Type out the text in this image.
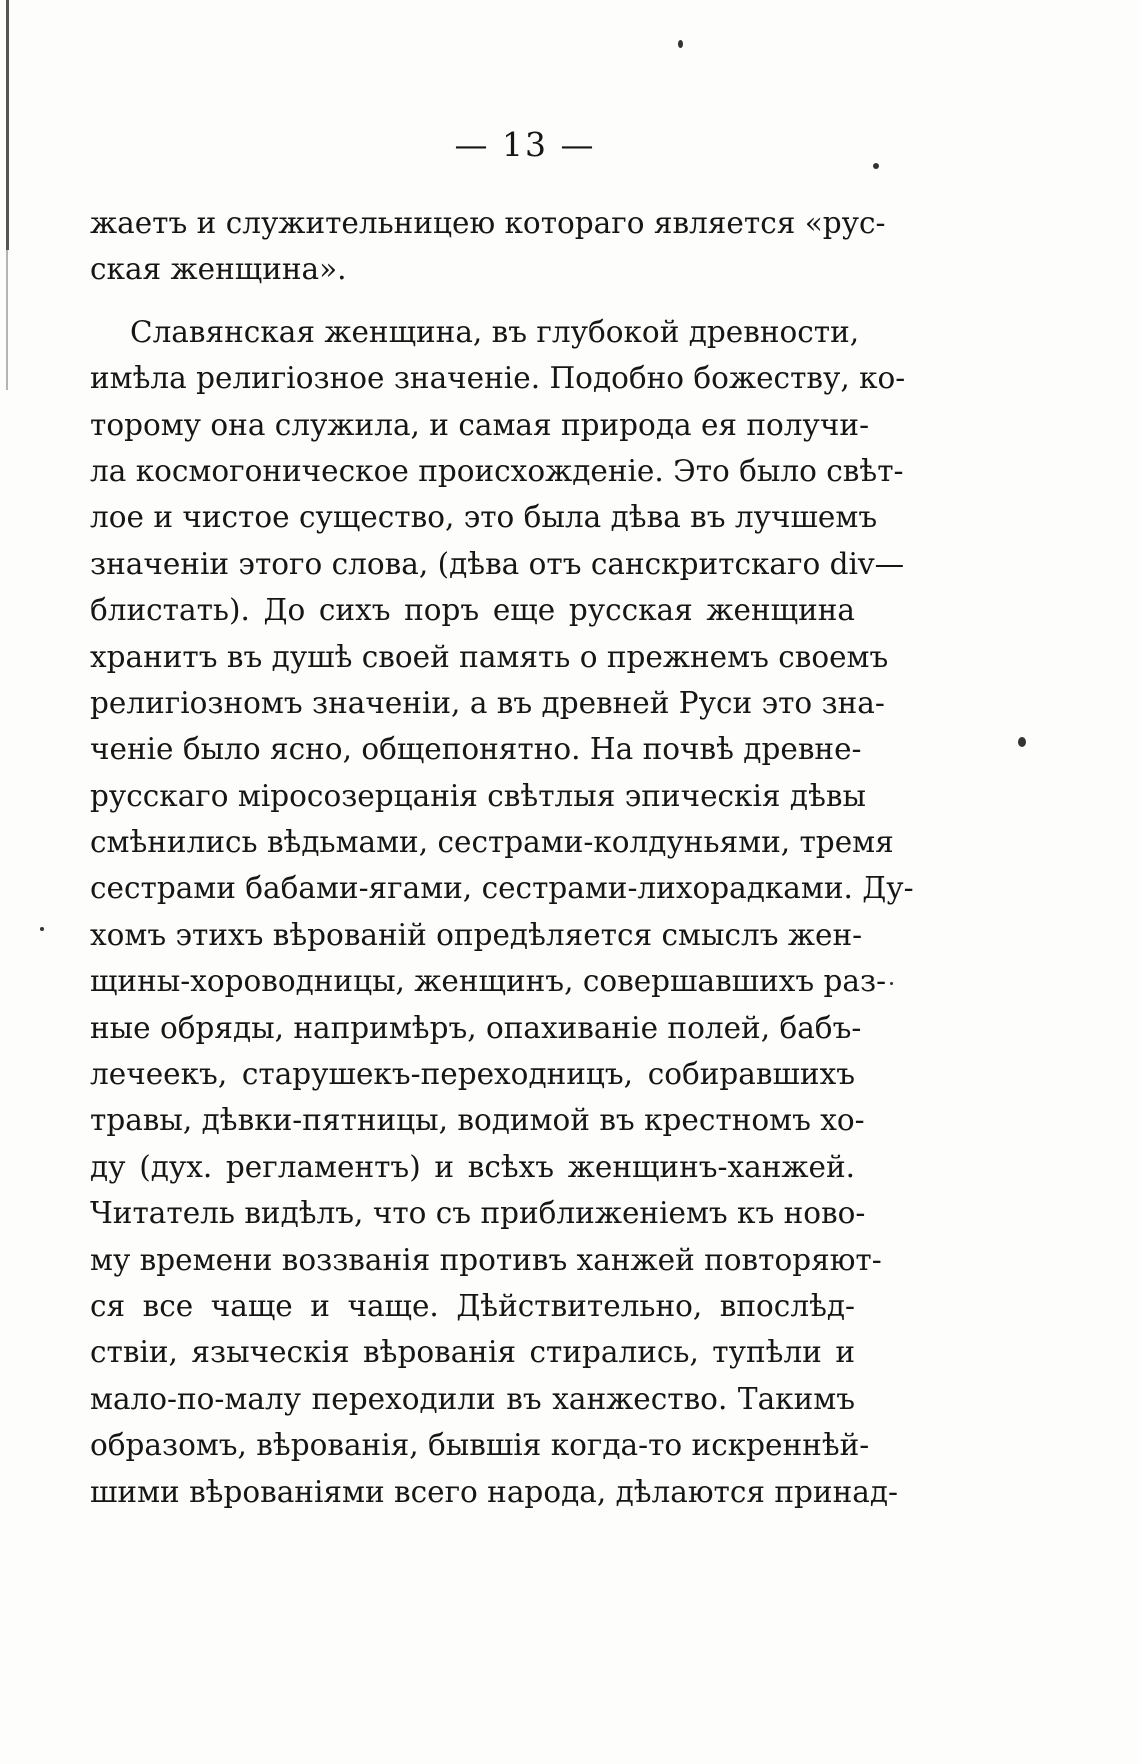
— 13 —
жаетъ и служительницею котораго является «рус-
ская женщина».
Славянская женщина, въ глубокой древности,
имѣла религіозное значеніе. Подобно божеству, ко-
торому она служила, и самая природа ея получи-
ла космогоническое происхожденіе. Это было свѣт-
лое и чистое существо, это была дѣва въ лучшемъ
значеніи этого слова, (дѣва отъ санскритскаго div—
блистать). До сихъ поръ еще русская женщина
хранитъ въ душѣ своей память о прежнемъ своемъ
религіозномъ значеніи, а въ древней Руси это зна-
ченіе было ясно, общепонятно. На почвѣ древне-
русскаго міросозерцанія свѣтлыя эпическія дѣвы
смѣнились вѣдьмами, сестрами-колдуньями, тремя
сестрами бабами-ягами, сестрами-лихорадками. Ду-
хомъ этихъ вѣрованій опредѣляется смыслъ жен-
щины-хороводницы, женщинъ, совершавшихъ раз-
ные обряды, напримѣръ, опахиваніе полей, бабъ-
лечеекъ, старушекъ-переходницъ, собиравшихъ
травы, дѣвки-пятницы, водимой въ крестномъ хо-
ду (дух. регламентъ) и всѣхъ женщинъ-ханжей.
Читатель видѣлъ, что съ приближеніемъ къ ново-
му времени воззванія противъ ханжей повторяют-
ся все чаще и чаще. Дѣйствительно, впослѣд-
ствіи, языческія вѣрованія стирались, тупѣли и
мало-по-малу переходили въ ханжество. Такимъ
образомъ, вѣрованія, бывшія когда-то искреннѣй-
шими вѣрованіями всего народа, дѣлаются принад-
